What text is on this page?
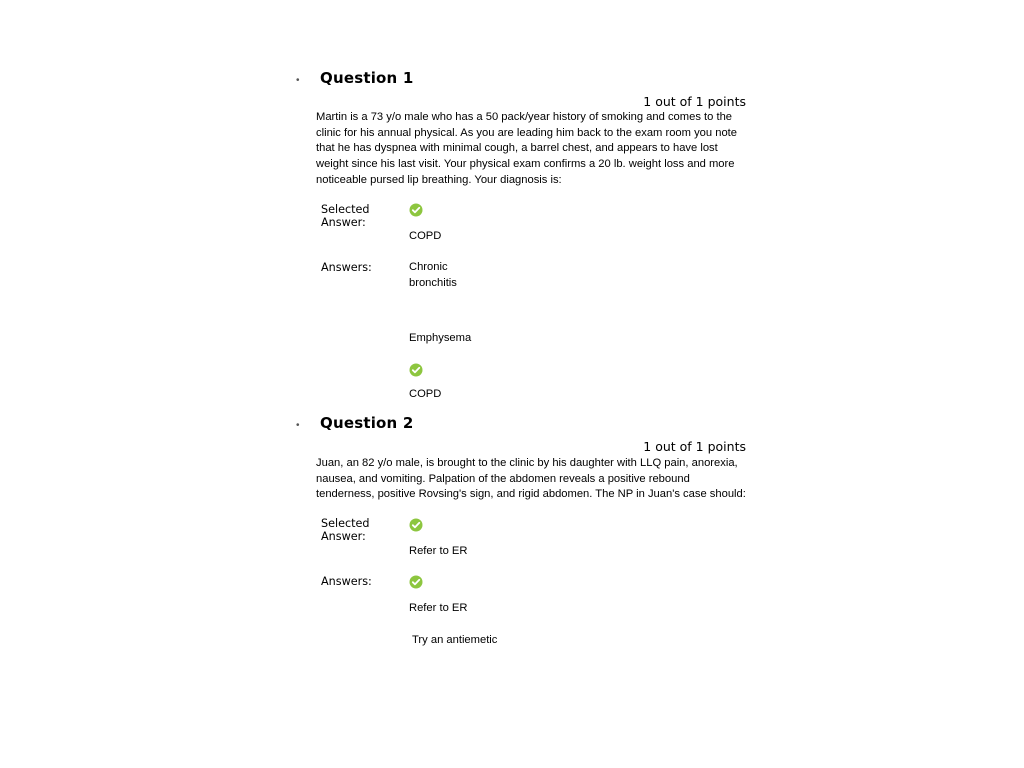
• Question 1
1 out of 1 points
Martin is a 73 y/o male who has a 50 pack/year history of smoking and comes to the
clinic for his annual physical. As you are leading him back to the exam room you note
that he has dyspnea with minimal cough, a barrel chest, and appears to have lost
weight since his last visit. Your physical exam confirms a 20 lb. weight loss and more
noticeable pursed lip breathing. Your diagnosis is:
Selected
Answer:
COPD
Answers:	Chronic
bronchitis
Emphysema
COPD
• Question 2
1 out of 1 points
Juan, an 82 y/o male, is brought to the clinic by his daughter with LLQ pain, anorexia,
nausea, and vomiting. Palpation of the abdomen reveals a positive rebound
tenderness, positive Rovsing's sign, and rigid abdomen. The NP in Juan's case should:
Selected
Answer:
Refer to ER
Answers:
Refer to ER
Try an antiemetic
